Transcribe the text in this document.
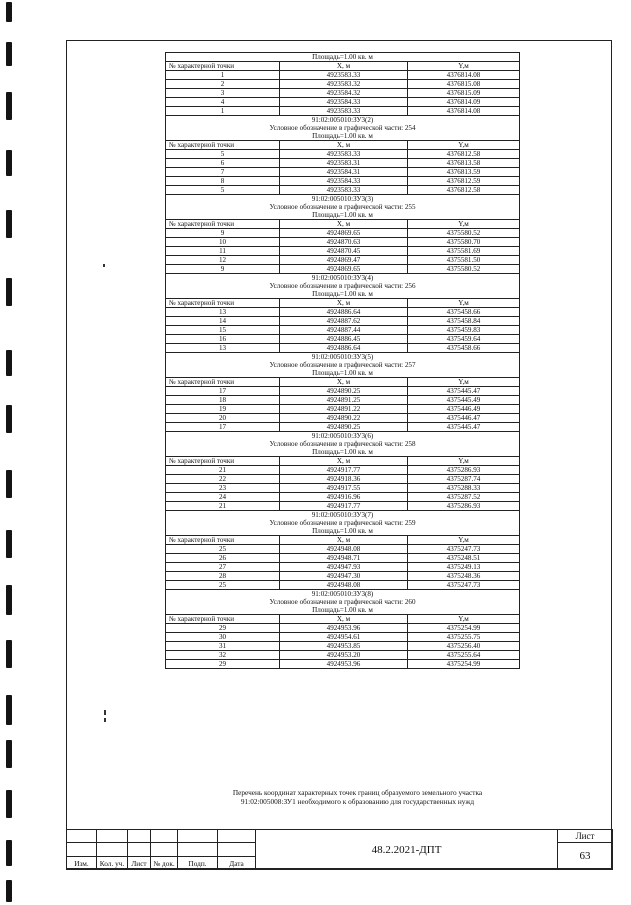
Площадь=1.00 кв. м		
№ характерной точки	X, м	Y,м
1	4923583.33	4376814.08
2	4923583.32	4376815.08
3	4923584.32	4376815.09
4	4923584.33	4376814.09
1	4923583.33	4376814.08
91:02:005010:ЗУ3(2)		
Условное обозначение в графической части: 254		
Площадь=1.00 кв. м		
№ характерной точки	X, м	Y,м
5	4923583.33	4376812.58
6	4923583.31	4376813.58
7	4923584.31	4376813.59
8	4923584.33	4376812.59
5	4923583.33	4376812.58
91:02:005010:ЗУ3(3)		
Условное обозначение в графической части: 255		
Площадь=1.00 кв. м		
№ характерной точки	X, м	Y,м
9	4924869.65	4375580.52
10	4924870.63	4375580.70
11	4924870.45	4375581.69
12	4924869.47	4375581.50
9	4924869.65	4375580.52
91:02:005010:ЗУ3(4)		
Условное обозначение в графической части: 256		
Площадь=1.00 кв. м		
№ характерной точки	X, м	Y,м
13	4924886.64	4375458.66
14	4924887.62	4375458.84
15	4924887.44	4375459.83
16	4924886.45	4375459.64
13	4924886.64	4375458.66
91:02:005010:ЗУ3(5)		
Условное обозначение в графической части: 257		
Площадь=1.00 кв. м		
№ характерной точки	X, м	Y,м
17	4924890.25	4375445.47
18	4924891.25	4375445.49
19	4924891.22	4375446.49
20	4924890.22	4375446.47
17	4924890.25	4375445.47
91:02:005010:ЗУ3(6)		
Условное обозначение в графической части: 258		
Площадь=1.00 кв. м		
№ характерной точки	X, м	Y,м
21	4924917.77	4375286.93
22	4924918.36	4375287.74
23	4924917.55	4375288.33
24	4924916.96	4375287.52
21	4924917.77	4375286.93
91:02:005010:ЗУ3(7)		
Условное обозначение в графической части: 259		
Площадь=1.00 кв. м		
№ характерной точки	X, м	Y,м
25	4924948.08	4375247.73
26	4924948.71	4375248.51
27	4924947.93	4375249.13
28	4924947.30	4375248.36
25	4924948.08	4375247.73
91:02:005010:ЗУ3(8)		
Условное обозначение в графической части: 260		
Площадь=1.00 кв. м		
№ характерной точки	X, м	Y,м
29	4924953.96	4375254.99
30	4924954.61	4375255.75
31	4924953.85	4375256.40
32	4924953.20	4375255.64
29	4924953.96	4375254.99
Перечень координат характерных точек границ образуемого земельного участка
91:02:005008:ЗУ1 необходимого к образованию для государственных нужд
						48.2.2021-ДПТ	Лист
							63
Изм.	Кол. уч.	Лист	№ док.	Подп.	Дата		
